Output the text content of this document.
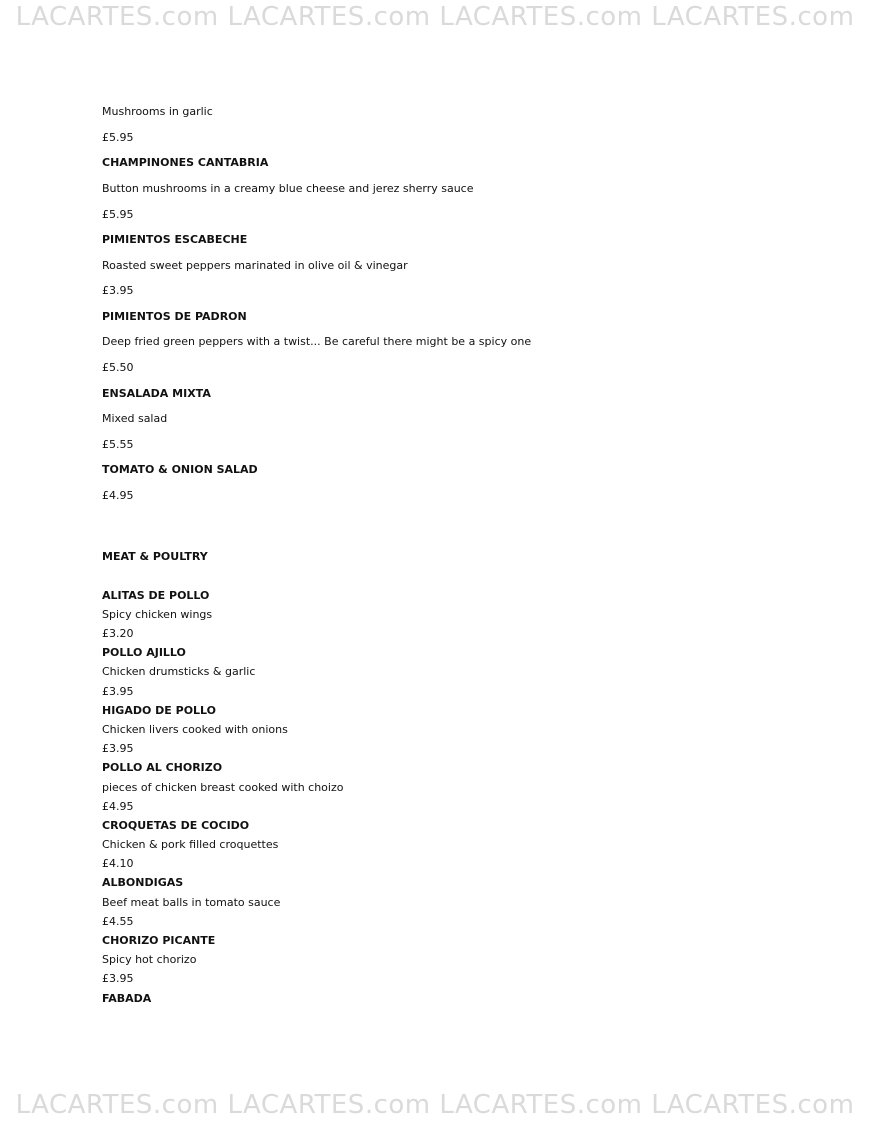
LACARTES.com LACARTES.com LACARTES.com LACARTES.com
Mushrooms in garlic
£5.95
CHAMPINONES CANTABRIA
Button mushrooms in a creamy blue cheese and jerez sherry sauce
£5.95
PIMIENTOS ESCABECHE
Roasted sweet peppers marinated in olive oil & vinegar
£3.95
PIMIENTOS DE PADRON
Deep fried green peppers with a twist... Be careful there might be a spicy one
£5.50
ENSALADA MIXTA
Mixed salad
£5.55
TOMATO & ONION SALAD
£4.95
MEAT & POULTRY
ALITAS DE POLLO
Spicy chicken wings
£3.20
POLLO AJILLO
Chicken drumsticks & garlic
£3.95
HIGADO DE POLLO
Chicken livers cooked with onions
£3.95
POLLO AL CHORIZO
pieces of chicken breast cooked with choizo
£4.95
CROQUETAS DE COCIDO
Chicken & pork filled croquettes
£4.10
ALBONDIGAS
Beef meat balls in tomato sauce
£4.55
CHORIZO PICANTE
Spicy hot chorizo
£3.95
FABADA
LACARTES.com LACARTES.com LACARTES.com LACARTES.com
